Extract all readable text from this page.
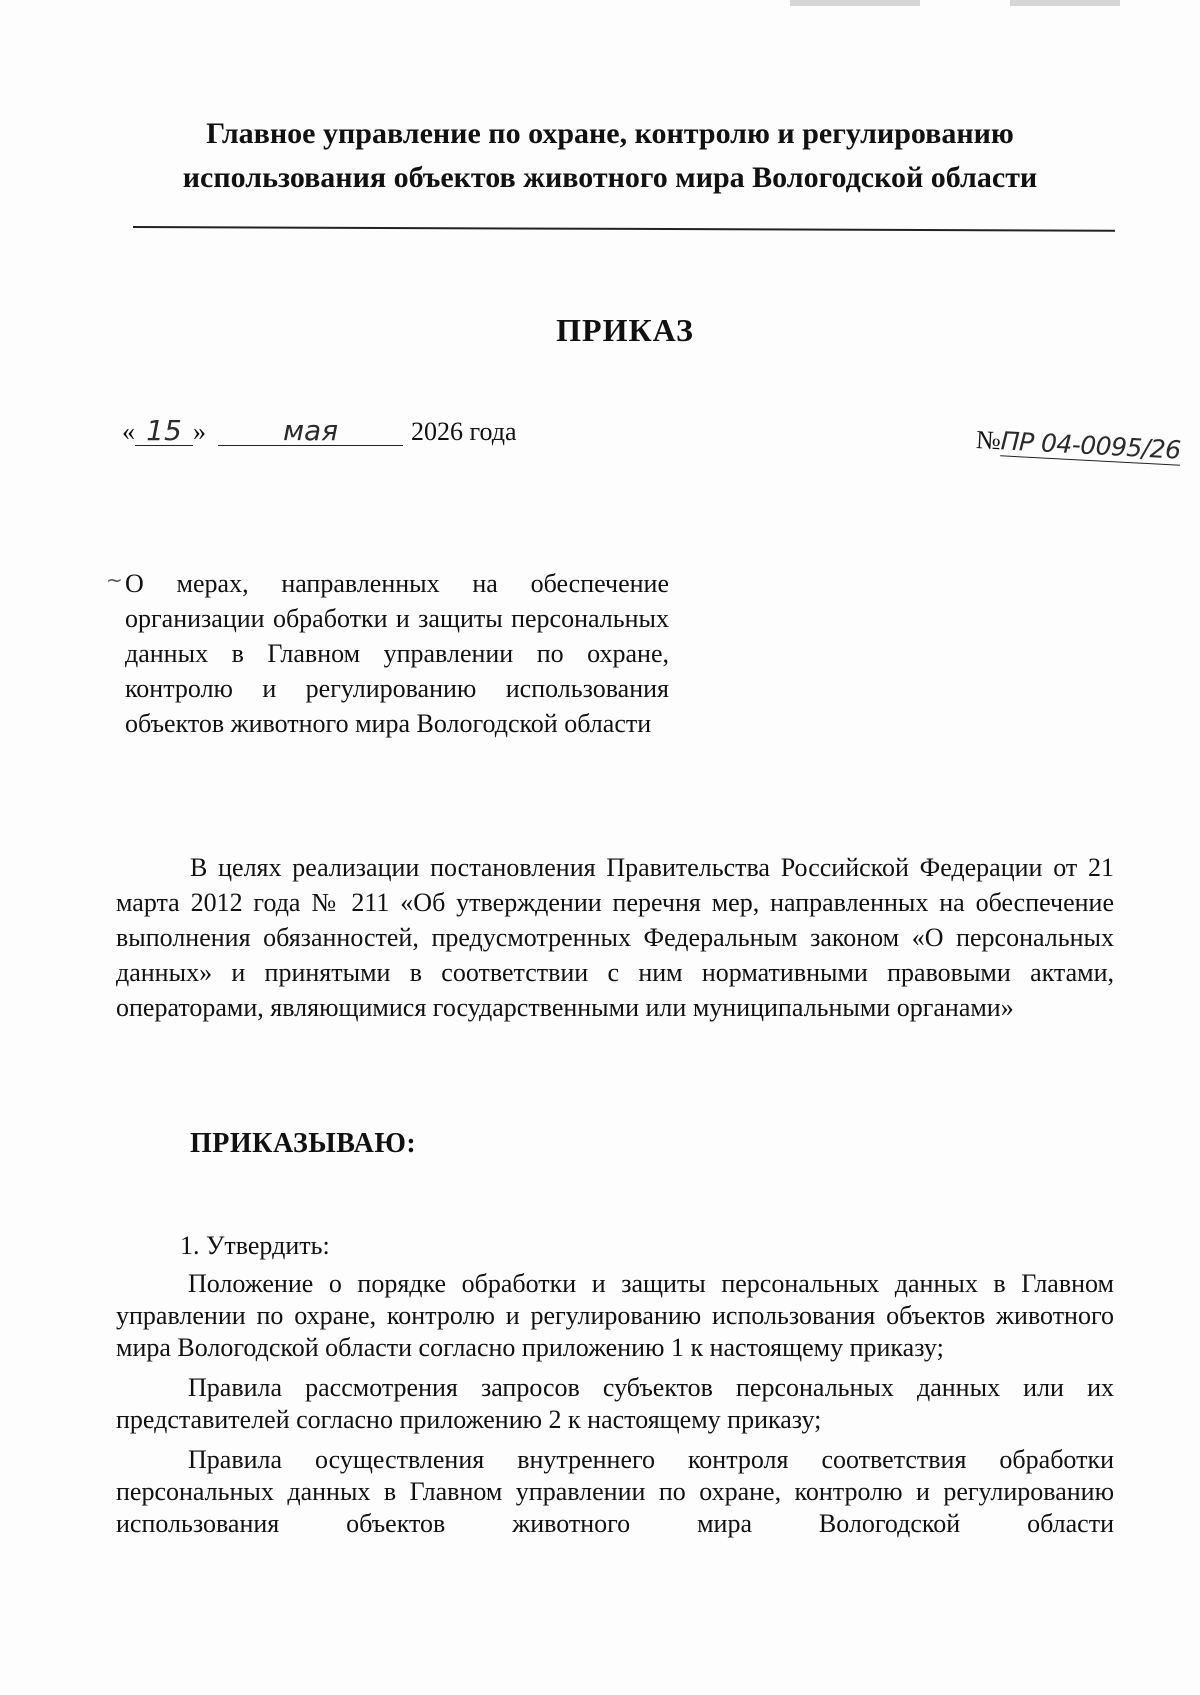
Главное управление по охране, контролю и регулированию
использования объектов животного мира Вологодской области
ПРИКАЗ
« 15 »	мая	2026 года	№ПР 04-0095/26
~ О мерах, направленных на обеспечение организации обработки и защиты персональных данных в Главном управлении по охране, контролю и регулированию использования объектов животного мира Вологодской области
В целях реализации постановления Правительства Российской Федерации от 21 марта 2012 года № 211 «Об утверждении перечня мер, направленных на обеспечение выполнения обязанностей, предусмотренных Федеральным законом «О персональных данных» и принятыми в соответствии с ним нормативными правовыми актами, операторами, являющимися государственными или муниципальными органами»
ПРИКАЗЫВАЮ:
1. Утвердить:

Положение о порядке обработки и защиты персональных данных в Главном управлении по охране, контролю и регулированию использования объектов животного мира Вологодской области согласно приложению 1 к настоящему приказу;

Правила рассмотрения запросов субъектов персональных данных или их представителей согласно приложению 2 к настоящему приказу;

Правила осуществления внутреннего контроля соответствия обработки персональных данных в Главном управлении по охране, контролю и регулированию использования объектов животного мира Вологодской области
